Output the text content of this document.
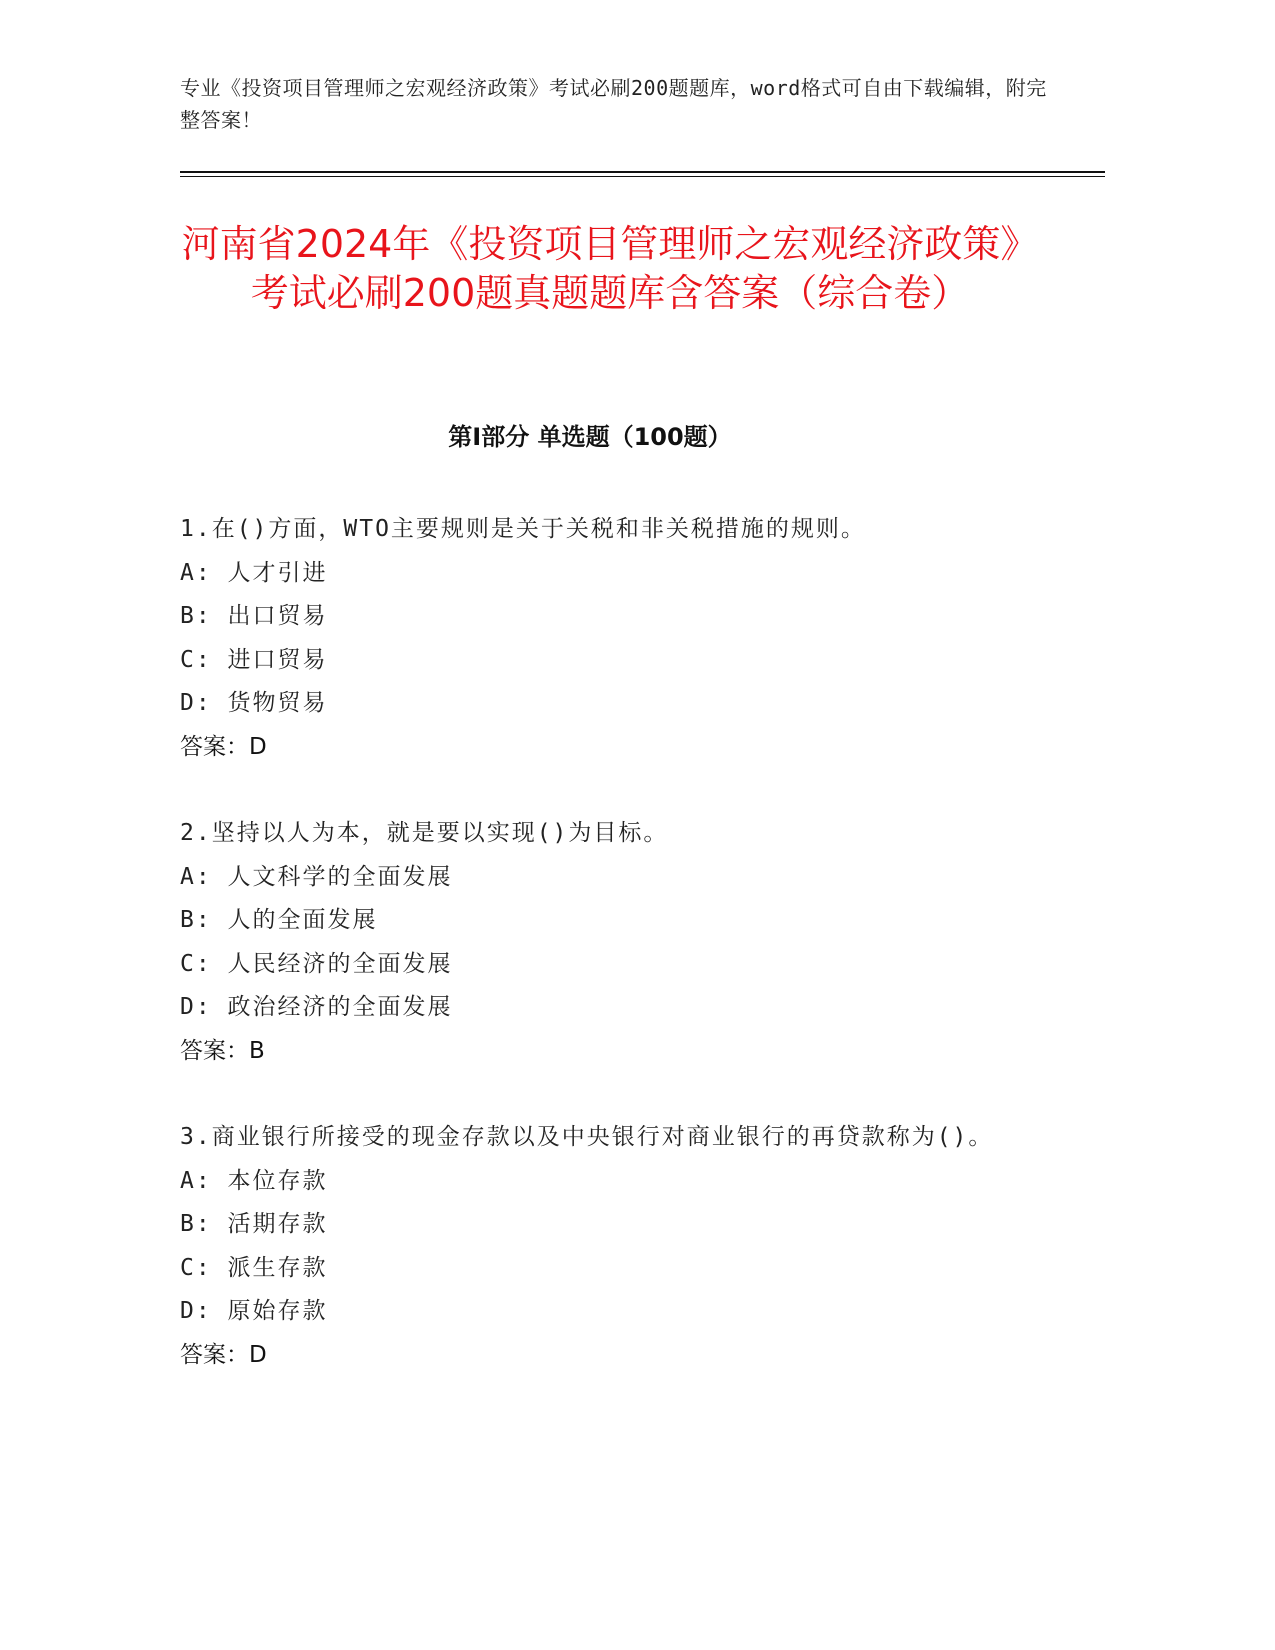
专业《投资项目管理师之宏观经济政策》考试必刷200题题库，word格式可自由下载编辑，附完整答案！
河南省2024年《投资项目管理师之宏观经济政策》考试必刷200题真题题库含答案（综合卷）
第I部分 单选题（100题）
1.在()方面，WTO主要规则是关于关税和非关税措施的规则。
A: 人才引进
B: 出口贸易
C: 进口贸易
D: 货物贸易
答案：D
2.坚持以人为本，就是要以实现()为目标。
A: 人文科学的全面发展
B: 人的全面发展
C: 人民经济的全面发展
D: 政治经济的全面发展
答案：B
3.商业银行所接受的现金存款以及中央银行对商业银行的再贷款称为()。
A: 本位存款
B: 活期存款
C: 派生存款
D: 原始存款
答案：D
